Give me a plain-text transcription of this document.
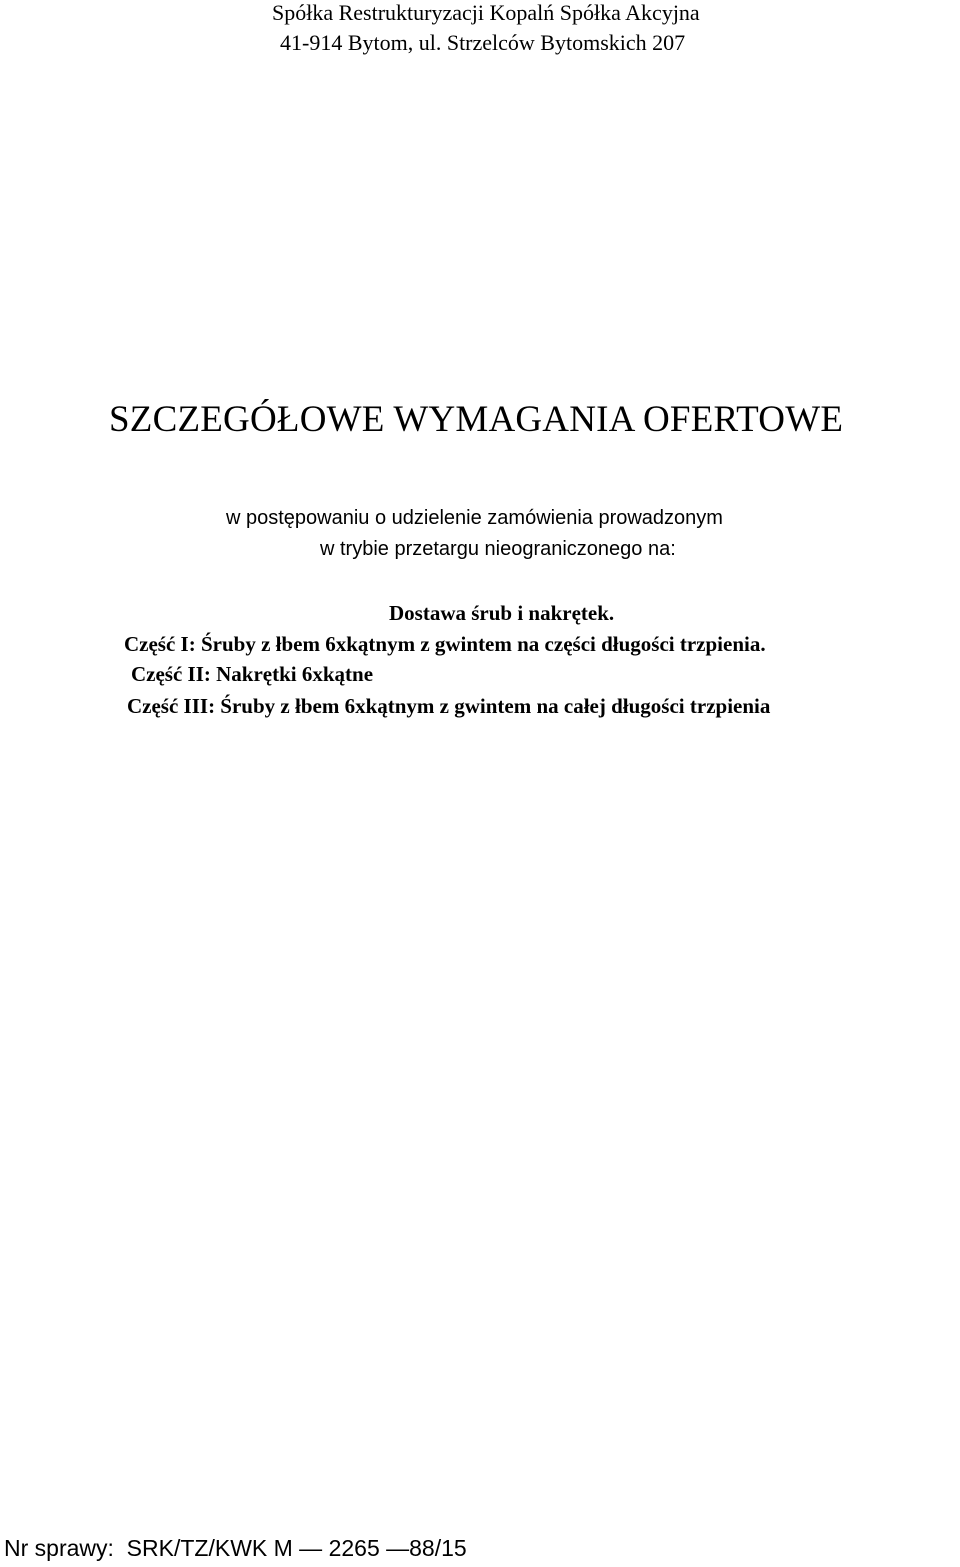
Spółka Restrukturyzacji Kopalń Spółka Akcyjna
41-914 Bytom, ul. Strzelców Bytomskich 207
SZCZEGÓŁOWE WYMAGANIA OFERTOWE
w postępowaniu o udzielenie zamówienia prowadzonym
w trybie przetargu nieograniczonego na:
Dostawa śrub i nakrętek.
Część I: Śruby z łbem 6xkątnym z gwintem na części długości trzpienia.
Część II: Nakrętki 6xkątne
Część III: Śruby z łbem 6xkątnym z gwintem na całej długości trzpienia
Nr sprawy:  SRK/TZ/KWK M — 2265 —88/15
